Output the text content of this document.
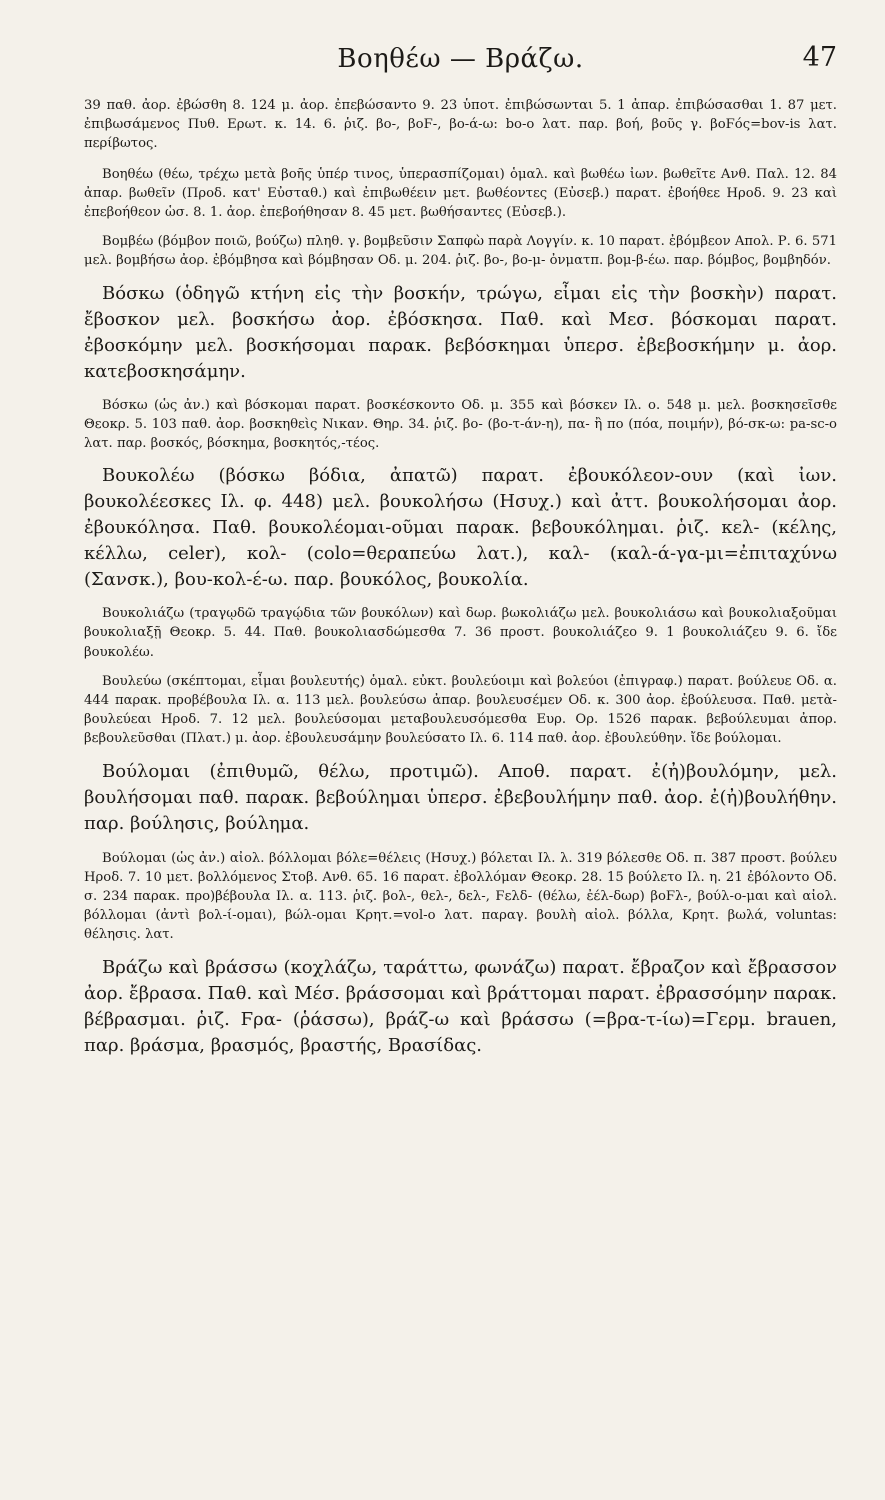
Βοηθέω — Βράζω.	47

39 παθ. ἀορ. ἐβώσθη 8. 124 μ. ἀορ. ἐπεβώσαντο 9. 23 ὑποτ. ἐπιβώσωνται 5. 1 ἀπαρ. ἐπιβώσασθαι 1. 87 μετ. ἐπιβωσάμενος Πυθ. Ερωτ. κ. 14. 6. ῥιζ. βο-, βοϜ-, βο-ά-ω: bo-o λατ. παρ. βοή, βοῦς γ. βοϜός=bov-is λατ. περίβωτος.

Βοηθέω (θέω, τρέχω μετὰ βοῆς ὑπέρ τινος, ὑπερασπίζομαι) ὁμαλ. καὶ βωθέω ἰων. βωθεῖτε Ανθ. Παλ. 12. 84 ἀπαρ. βωθεῖν (Προδ. κατ' Εὐσταθ.) καὶ ἐπιβωθέειν μετ. βωθέοντες (Εὐσεβ.) παρατ. ἐβοήθεε Ηροδ. 9. 23 καὶ ἐπεβοήθεον ὡσ. 8. 1. ἀορ. ἐπεβοήθησαν 8. 45 μετ. βωθήσαντες (Εὐσεβ.).

Βομβέω (βόμβον ποιῶ, βούζω) πληθ. γ. βομβεῦσιν Σαπφὼ παρὰ Λογγίν. κ. 10 παρατ. ἐβόμβεον Απολ. Ρ. 6. 571 μελ. βομβήσω ἀορ. ἐβόμβησα καὶ βόμβησαν Οδ. μ. 204. ῥιζ. βο-, βο-μ- ὀνματπ. βομ-β-έω. παρ. βόμβος, βομβηδόν.

Βόσκω (ὁδηγῶ κτήνη εἰς τὴν βοσκήν, τρώγω, εἶμαι εἰς τὴν βοσκὴν) παρατ. ἔβοσκον μελ. βοσκήσω ἀορ. ἐβόσκησα. Παθ. καὶ Μεσ. βόσκομαι παρατ. ἐβοσκόμην μελ. βοσκήσομαι παρακ. βεβόσκημαι ὑπερσ. ἐβεβοσκήμην μ. ἀορ. κατεβοσκησάμην.

Βόσκω (ὡς ἀν.) καὶ βόσκομαι παρατ. βοσκέσκοντο Οδ. μ. 355 καὶ βόσκεν Ιλ. ο. 548 μ. μελ. βοσκησεῖσθε Θεοκρ. 5. 103 παθ. ἀορ. βοσκηθεὶς Νικαν. Θηρ. 34. ῥιζ. βο- (βο-τ-άν-η), πα- ἢ πο (πόα, ποιμήν), βό-σκ-ω: pa-sc-o λατ. παρ. βοσκός, βόσκημα, βοσκητός,-τέος.

Βουκολέω (βόσκω βόδια, ἀπατῶ) παρατ. ἐβουκόλεον-ουν (καὶ ἰων. βουκολέεσκες Ιλ. φ. 448) μελ. βουκολήσω (Ησυχ.) καὶ ἀττ. βουκολήσομαι ἀορ. ἐβουκόλησα. Παθ. βουκολέομαι-οῦμαι παρακ. βεβουκόλημαι. ῥιζ. κελ- (κέλης, κέλλω, celer), κολ- (colo=θεραπεύω λατ.), καλ- (καλ-ά-γα-μι=ἐπιταχύνω (Σανσκ.), βου-κολ-έ-ω. παρ. βουκόλος, βουκολία.

Βουκολιάζω (τραγῳδῶ τραγῴδια τῶν βουκόλων) καὶ δωρ. βωκολιάζω μελ. βουκολιάσω καὶ βουκολιαξοῦμαι βουκολιαξῇ Θεοκρ. 5. 44. Παθ. βουκολιασδώμεσθα 7. 36 προστ. βουκολιάζεο 9. 1 βουκολιάζευ 9. 6. ἴδε βουκολέω.

Βουλεύω (σκέπτομαι, εἶμαι βουλευτής) ὁμαλ. εὐκτ. βουλεύοιμι καὶ βολεύοι (ἐπιγραφ.) παρατ. βούλευε Οδ. α. 444 παρακ. προβέβουλα Ιλ. α. 113 μελ. βουλεύσω ἀπαρ. βουλευσέμεν Οδ. κ. 300 ἀορ. ἐβούλευσα. Παθ. μετὰ-βουλεύεαι Ηροδ. 7. 12 μελ. βουλεύσομαι μεταβουλευσόμεσθα Ευρ. Ορ. 1526 παρακ. βεβούλευμαι ἀπορ. βεβουλεῦσθαι (Πλατ.) μ. ἀορ. ἐβουλευσάμην βουλεύσατο Ιλ. 6. 114 παθ. ἀορ. ἐβουλεύθην. ἴδε βούλομαι.

Βούλομαι (ἐπιθυμῶ, θέλω, προτιμῶ). Αποθ. παρατ. ἐ(ἠ)βουλόμην, μελ. βουλήσομαι παθ. παρακ. βεβούλημαι ὑπερσ. ἐβεβουλήμην παθ. ἀορ. ἐ(ἠ)βουλήθην. παρ. βούλησις, βούλημα.

Βούλομαι (ὡς ἀν.) αἰολ. βόλλομαι βόλε=θέλεις (Ησυχ.) βόλεται Ιλ. λ. 319 βόλεσθε Οδ. π. 387 προστ. βούλευ Ηροδ. 7. 10 μετ. βολλόμενος Στοβ. Ανθ. 65. 16 παρατ. ἐβολλόμαν Θεοκρ. 28. 15 βούλετο Ιλ. η. 21 ἐβόλοντο Οδ. σ. 234 παρακ. προ)βέβουλα Ιλ. α. 113. ῥιζ. βολ-, θελ-, δελ-, Ϝελδ- (θέλω, ἐέλ-δωρ) βοϜλ-, βούλ-ο-μαι καὶ αἰολ. βόλλομαι (ἀντὶ βολ-ί-ομαι), βώλ-ομαι Κρητ.=vol-o λατ. παραγ. βουλὴ αἰολ. βόλλα, Κρητ. βωλά, voluntas: θέλησις. λατ.

Βράζω καὶ βράσσω (κοχλάζω, ταράττω, φωνάζω) παρατ. ἔβραζον καὶ ἔβρασσον ἀορ. ἔβρασα. Παθ. καὶ Μέσ. βράσσομαι καὶ βράττομαι παρατ. ἐβρασσόμην παρακ. βέβρασμαι. ῥιζ. Ϝρα- (ῥάσσω), βράζ-ω καὶ βράσσω (=βρα-τ-ίω)=Γερμ. brauen, παρ. βράσμα, βρασμός, βραστής, Βρασίδας.
